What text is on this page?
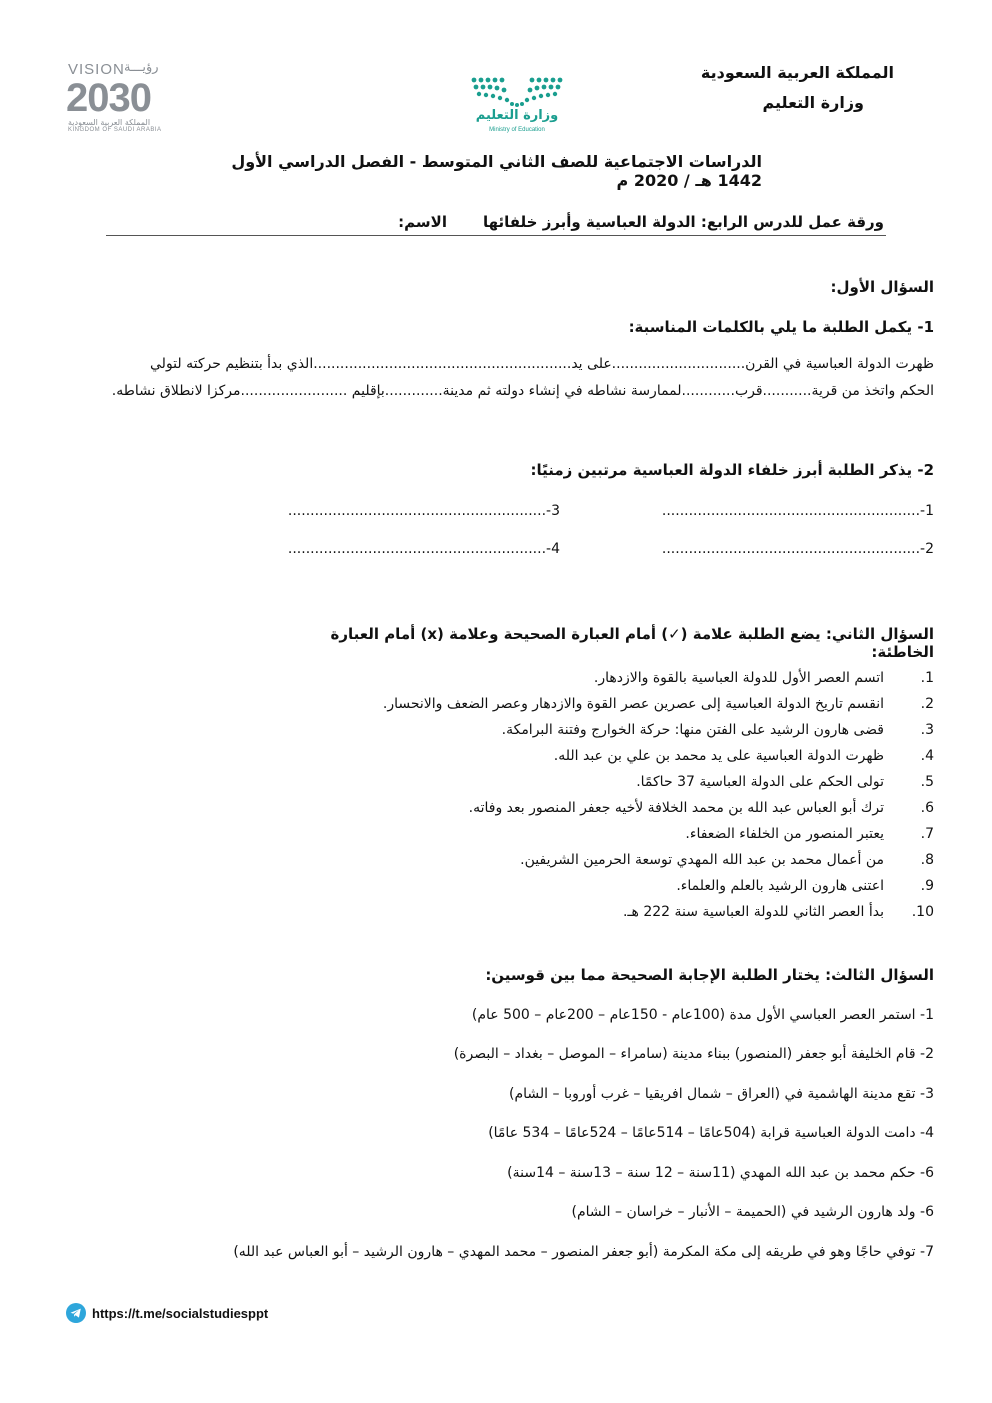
المملكة العربية السعودية
وزارة التعليم
وزارة التعليم
Ministry of Education
VISION رؤيـــة
2030
المملكة العربية السعودية
KINGDOM OF SAUDI ARABIA
الدراسات الاجتماعية للصف الثاني المتوسط - الفصل الدراسي الأول 1442 هـ / 2020 م
ورقة عمل للدرس الرابع: الدولة العباسية وأبرز خلفائها
الاسم:
السؤال الأول:
1- يكمل الطلبة ما يلي بالكلمات المناسبة:
ظهرت الدولة العباسية في القرن..............................على يد..........................................................الذي بدأ بتنظيم حركته لتولي
الحكم واتخذ من قرية...........قرب............لممارسة نشاطه في إنشاء دولته ثم مدينة.............بإقليم ........................مركزا لانطلاق نشاطه.
2- يذكر الطلبة أبرز خلفاء الدولة العباسية مرتبين زمنيًا:
1-..........................................................
2-..........................................................
3-..........................................................
4-..........................................................
السؤال الثاني: يضع الطلبة علامة (✓) أمام العبارة الصحيحة وعلامة (x) أمام العبارة الخاطئة:
1.
اتسم العصر الأول للدولة العباسية بالقوة والازدهار.
2.
انقسم تاريخ الدولة العباسية إلى عصرين عصر القوة والازدهار وعصر الضعف والانحسار.
3.
قضى هارون الرشيد على الفتن منها: حركة الخوارج وفتنة البرامكة.
4.
ظهرت الدولة العباسية على يد محمد بن علي بن عبد الله.
5.
تولى الحكم على الدولة العباسية 37 حاكمًا.
6.
ترك أبو العباس عبد الله بن محمد الخلافة لأخيه جعفر المنصور بعد وفاته.
7.
يعتبر المنصور من الخلفاء الضعفاء.
8.
من أعمال محمد بن عبد الله المهدي توسعة الحرمين الشريفين.
9.
اعتنى هارون الرشيد بالعلم والعلماء.
10.
بدأ العصر الثاني للدولة العباسية سنة 222 هـ.
السؤال الثالث: يختار الطلبة الإجابة الصحيحة مما بين قوسين:
1- استمر العصر العباسي الأول مدة (100عام - 150عام – 200عام – 500 عام)
2- قام الخليفة أبو جعفر (المنصور) ببناء مدينة (سامراء – الموصل – بغداد – البصرة)
3- تقع مدينة الهاشمية في (العراق – شمال افريقيا – غرب أوروبا – الشام)
4- دامت الدولة العباسية قرابة (504عامًا – 514عامًا – 524عامًا – 534 عامًا)
6- حكم محمد بن عبد الله المهدي (11سنة – 12 سنة – 13سنة – 14سنة)
6- ولد هارون الرشيد في (الحميمة – الأنبار – خراسان – الشام)
7- توفي حاجًا وهو في طريقه إلى مكة المكرمة (أبو جعفر المنصور – محمد المهدي – هارون الرشيد – أبو العباس عبد الله)
https://t.me/socialstudiesppt
